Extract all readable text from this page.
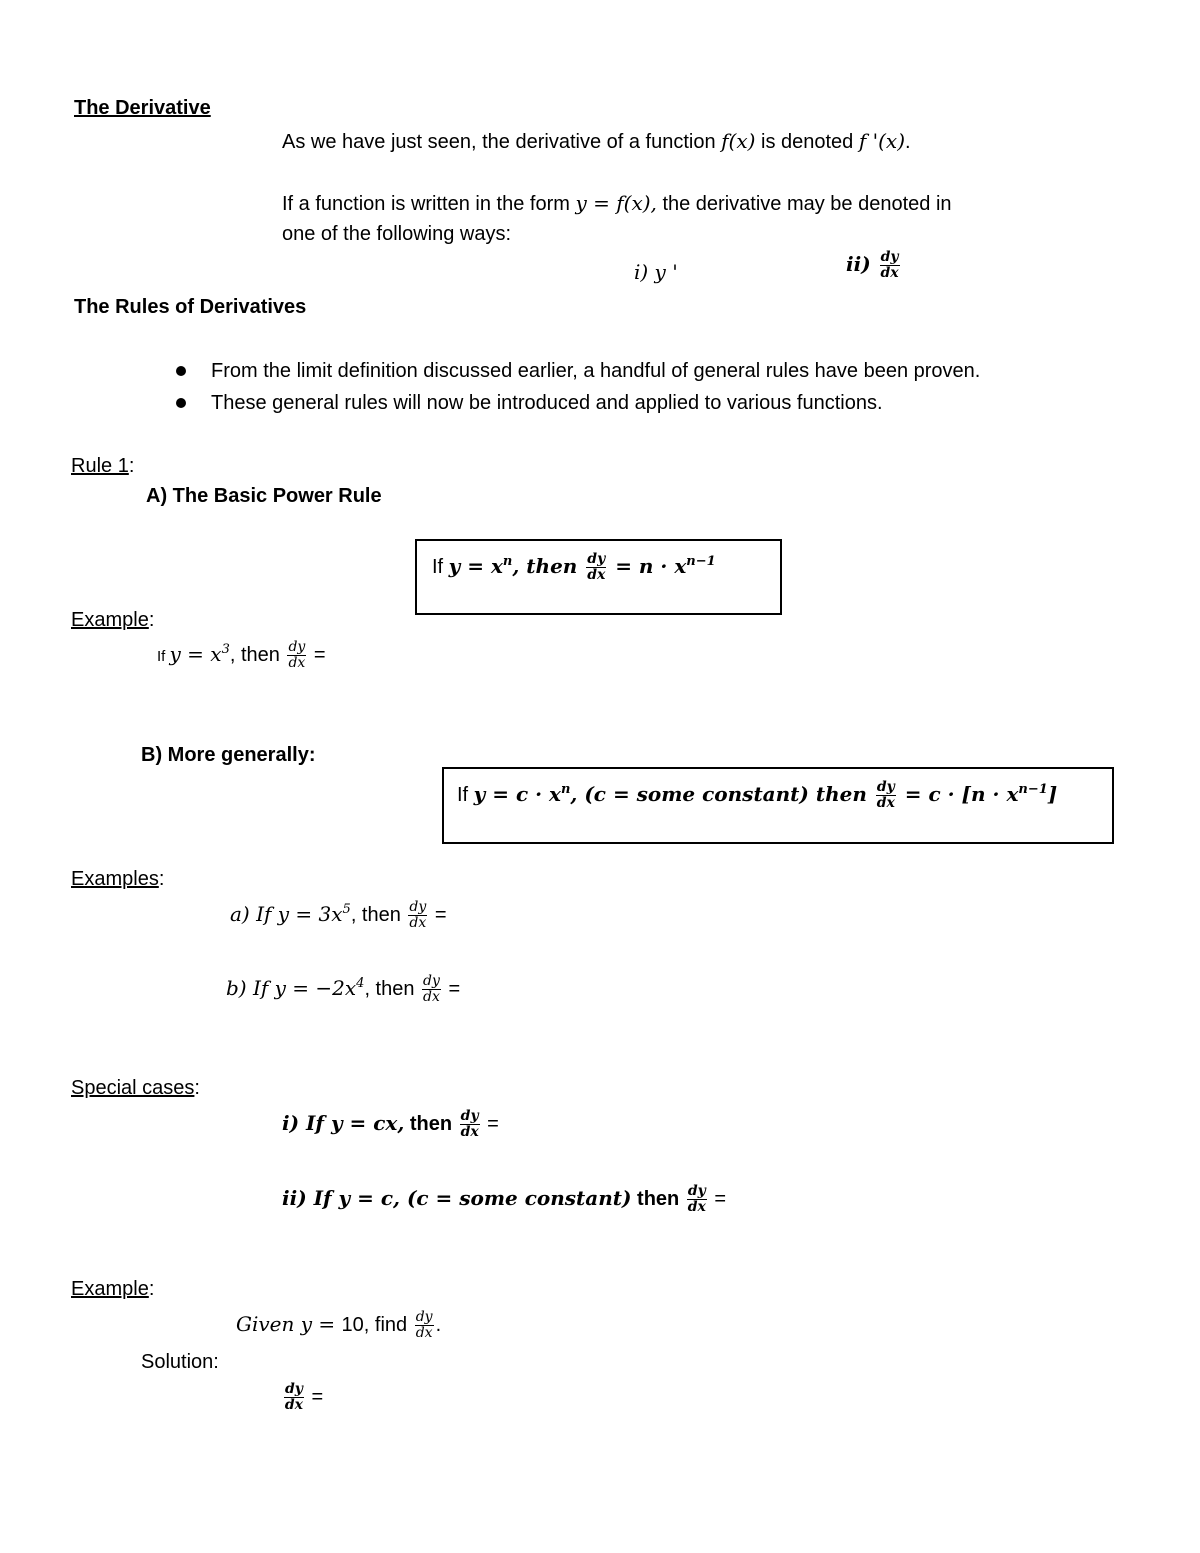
The Derivative
As we have just seen, the derivative of a function f(x) is denoted f '(x).
If a function is written in the form y = f(x), the derivative may be denoted in
one of the following ways:
i) y '	$ii) \frac{dy}{dx}$
The Rules of Derivatives
From the limit definition discussed earlier, a handful of general rules have been proven.
These general rules will now be introduced and applied to various functions.
Rule 1:
A) The Basic Power Rule
If $y = x^n$, then $\frac{dy}{dx} = n \cdot x^{n-1}$
Example:
If $y = x^3$, then $\frac{dy}{dx}$ =
B) More generally:
If $y = c \cdot x^n$, (c = some constant) then $\frac{dy}{dx} = c \cdot [n \cdot x^{n-1}]$
Examples:
a) If $y = 3x^5$, then $\frac{dy}{dx}$ =
b) If $y = -2x^4$, then $\frac{dy}{dx}$ =
Special cases:
i) If y = cx, then $\frac{dy}{dx}$ =
ii) If y = c, (c = some constant) then $\frac{dy}{dx}$ =
Example:
Given y = 10, find $\frac{dy}{dx}$ .
Solution:
$\frac{dy}{dx}$ =
